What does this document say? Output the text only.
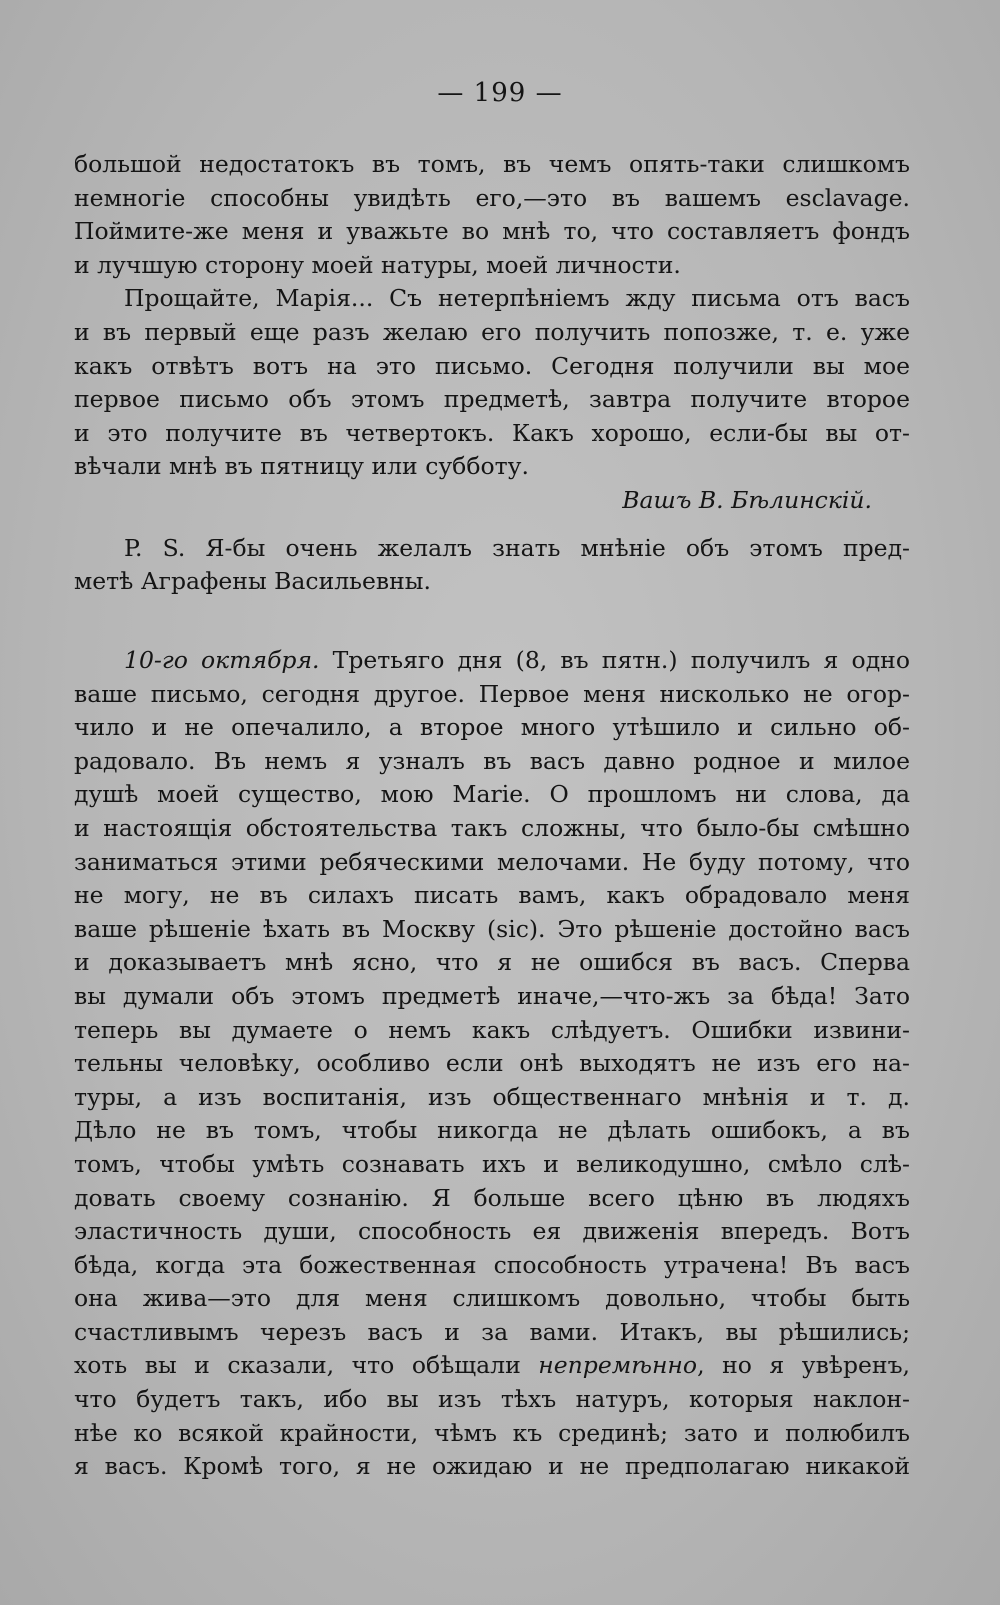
— 199 —
большой недостатокъ въ томъ, въ чемъ опять-таки слишкомъ
немногіе способны увидѣть его,—это въ вашемъ esclavage.
Поймите-же меня и уважьте во мнѣ то, что составляетъ фондъ
и лучшую сторону моей натуры, моей личности.
Прощайте, Марія... Съ нетерпѣніемъ жду письма отъ васъ
и въ первый еще разъ желаю его получить попозже, т. е. уже
какъ отвѣтъ вотъ на это письмо. Сегодня получили вы мое
первое письмо объ этомъ предметѣ, завтра получите второе
и это получите въ четвертокъ. Какъ хорошо, если-бы вы от-
вѣчали мнѣ въ пятницу или субботу.
Вашъ В. Бѣлинскій.
P. S. Я-бы очень желалъ знать мнѣніе объ этомъ пред-
метѣ Аграфены Васильевны.
10-го октября. Третьяго дня (8, въ пятн.) получилъ я одно
ваше письмо, сегодня другое. Первое меня нисколько не огор-
чило и не опечалило, а второе много утѣшило и сильно об-
радовало. Въ немъ я узналъ въ васъ давно родное и милое
душѣ моей существо, мою Marie. О прошломъ ни слова, да
и настоящія обстоятельства такъ сложны, что было-бы смѣшно
заниматься этими ребяческими мелочами. Не буду потому, что
не могу, не въ силахъ писать вамъ, какъ обрадовало меня
ваше рѣшеніе ѣхать въ Москву (sic). Это рѣшеніе достойно васъ
и доказываетъ мнѣ ясно, что я не ошибся въ васъ. Сперва
вы думали объ этомъ предметѣ иначе,—что-жъ за бѣда! Зато
теперь вы думаете о немъ какъ слѣдуетъ. Ошибки извини-
тельны человѣку, особливо если онѣ выходятъ не изъ его на-
туры, а изъ воспитанія, изъ общественнаго мнѣнія и т. д.
Дѣло не въ томъ, чтобы никогда не дѣлать ошибокъ, а въ
томъ, чтобы умѣть сознавать ихъ и великодушно, смѣло слѣ-
довать своему сознанію. Я больше всего цѣню въ людяхъ
эластичность души, способность ея движенія впередъ. Вотъ
бѣда, когда эта божественная способность утрачена! Въ васъ
она жива—это для меня слишкомъ довольно, чтобы быть
счастливымъ черезъ васъ и за вами. Итакъ, вы рѣшились;
хоть вы и сказали, что обѣщали непремѣнно, но я увѣренъ,
что будетъ такъ, ибо вы изъ тѣхъ натуръ, которыя наклон-
нѣе ко всякой крайности, чѣмъ къ срединѣ; зато и полюбилъ
я васъ. Кромѣ того, я не ожидаю и не предполагаю никакой
